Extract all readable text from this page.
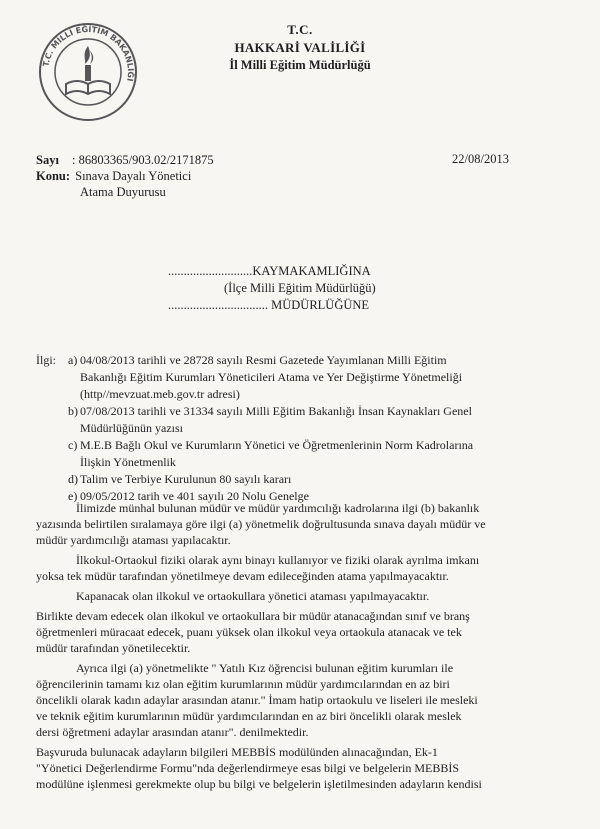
T.C. MİLLİ EĞİTİM BAKANLIĞI
T.C.
HAKKARİ VALİLİĞİ
İl Milli Eğitim Müdürlüğü
Sayı : 86803365/903.02/2171875
Konu: Sınava Dayalı Yönetici
Atama Duyurusu
22/08/2013
...........................KAYMAKAMLIĞINA
(İlçe Milli Eğitim Müdürlüğü)
................................ MÜDÜRLÜĞÜNE
İlgi: a) 04/08/2013 tarihli ve 28728 sayılı Resmi Gazetede Yayımlanan Milli Eğitim
Bakanlığı Eğitim Kurumları Yöneticileri Atama ve Yer Değiştirme Yönetmeliği
(http//mevzuat.meb.gov.tr adresi)
b) 07/08/2013 tarihli ve 31334 sayılı Milli Eğitim Bakanlığı İnsan Kaynakları Genel
Müdürlüğünün yazısı
c) M.E.B Bağlı Okul ve Kurumların Yönetici ve Öğretmenlerinin Norm Kadrolarına
İlişkin Yönetmenlik
d) Talim ve Terbiye Kurulunun 80 sayılı kararı
e) 09/05/2012 tarih ve 401 sayılı 20 Nolu Genelge

İlimizde münhal bulunan müdür ve müdür yardımcılığı kadrolarına ilgi (b) bakanlık
yazısında belirtilen sıralamaya göre ilgi (a) yönetmelik doğrultusunda sınava dayalı müdür ve
müdür yardımcılığı ataması yapılacaktır.

İlkokul-Ortaokul fiziki olarak aynı binayı kullanıyor ve fiziki olarak ayrılma imkanı
yoksa tek müdür tarafından yönetilmeye devam edileceğinden atama yapılmayacaktır.

Kapanacak olan ilkokul ve ortaokullara yönetici ataması yapılmayacaktır.

Birlikte devam edecek olan ilkokul ve ortaokullara bir müdür atanacağından sınıf ve branş
öğretmenleri müracaat edecek, puanı yüksek olan ilkokul veya ortaokula atanacak ve tek
müdür tarafından yönetilecektir.

Ayrıca ilgi (a) yönetmelikte " Yatılı Kız öğrencisi bulunan eğitim kurumları ile
öğrencilerinin tamamı kız olan eğitim kurumlarının müdür yardımcılarından en az biri
öncelikli olarak kadın adaylar arasından atanır." İmam hatip ortaokulu ve liseleri ile mesleki
ve teknik eğitim kurumlarının müdür yardımcılarından en az biri öncelikli olarak meslek
dersi öğretmeni adaylar arasından atanır". denilmektedir.

Başvuruda bulunacak adayların bilgileri MEBBİS modülünden alınacağından, Ek-1
"Yönetici Değerlendirme Formu"nda değerlendirmeye esas bilgi ve belgelerin MEBBİS
modülüne işlenmesi gerekmekte olup bu bilgi ve belgelerin işletilmesinden adayların kendisi
